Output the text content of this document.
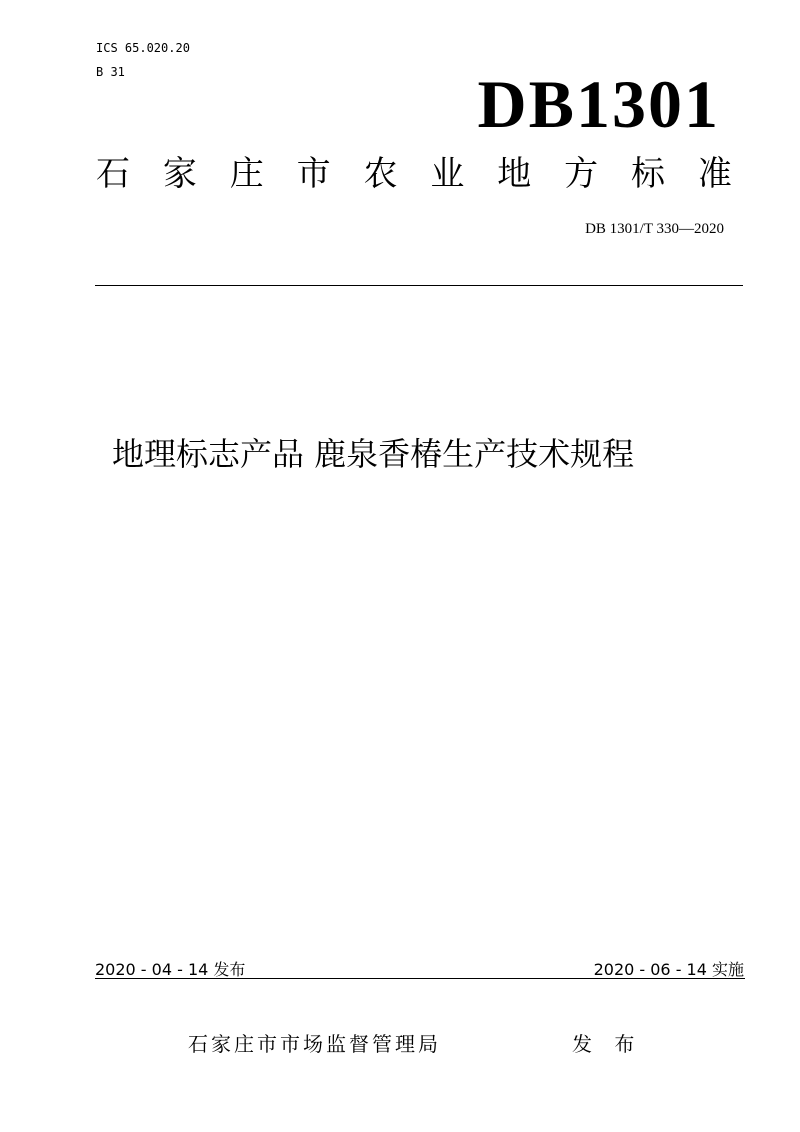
ICS 65.020.20
B 31	DB1301
石 家 庄 市 农 业 地 方 标 准
DB 1301/T 330—2020
地理标志产品 鹿泉香椿生产技术规程
2020 - 04 - 14 发布	2020 - 06 - 14 实施
石家庄市市场监督管理局	发 布
